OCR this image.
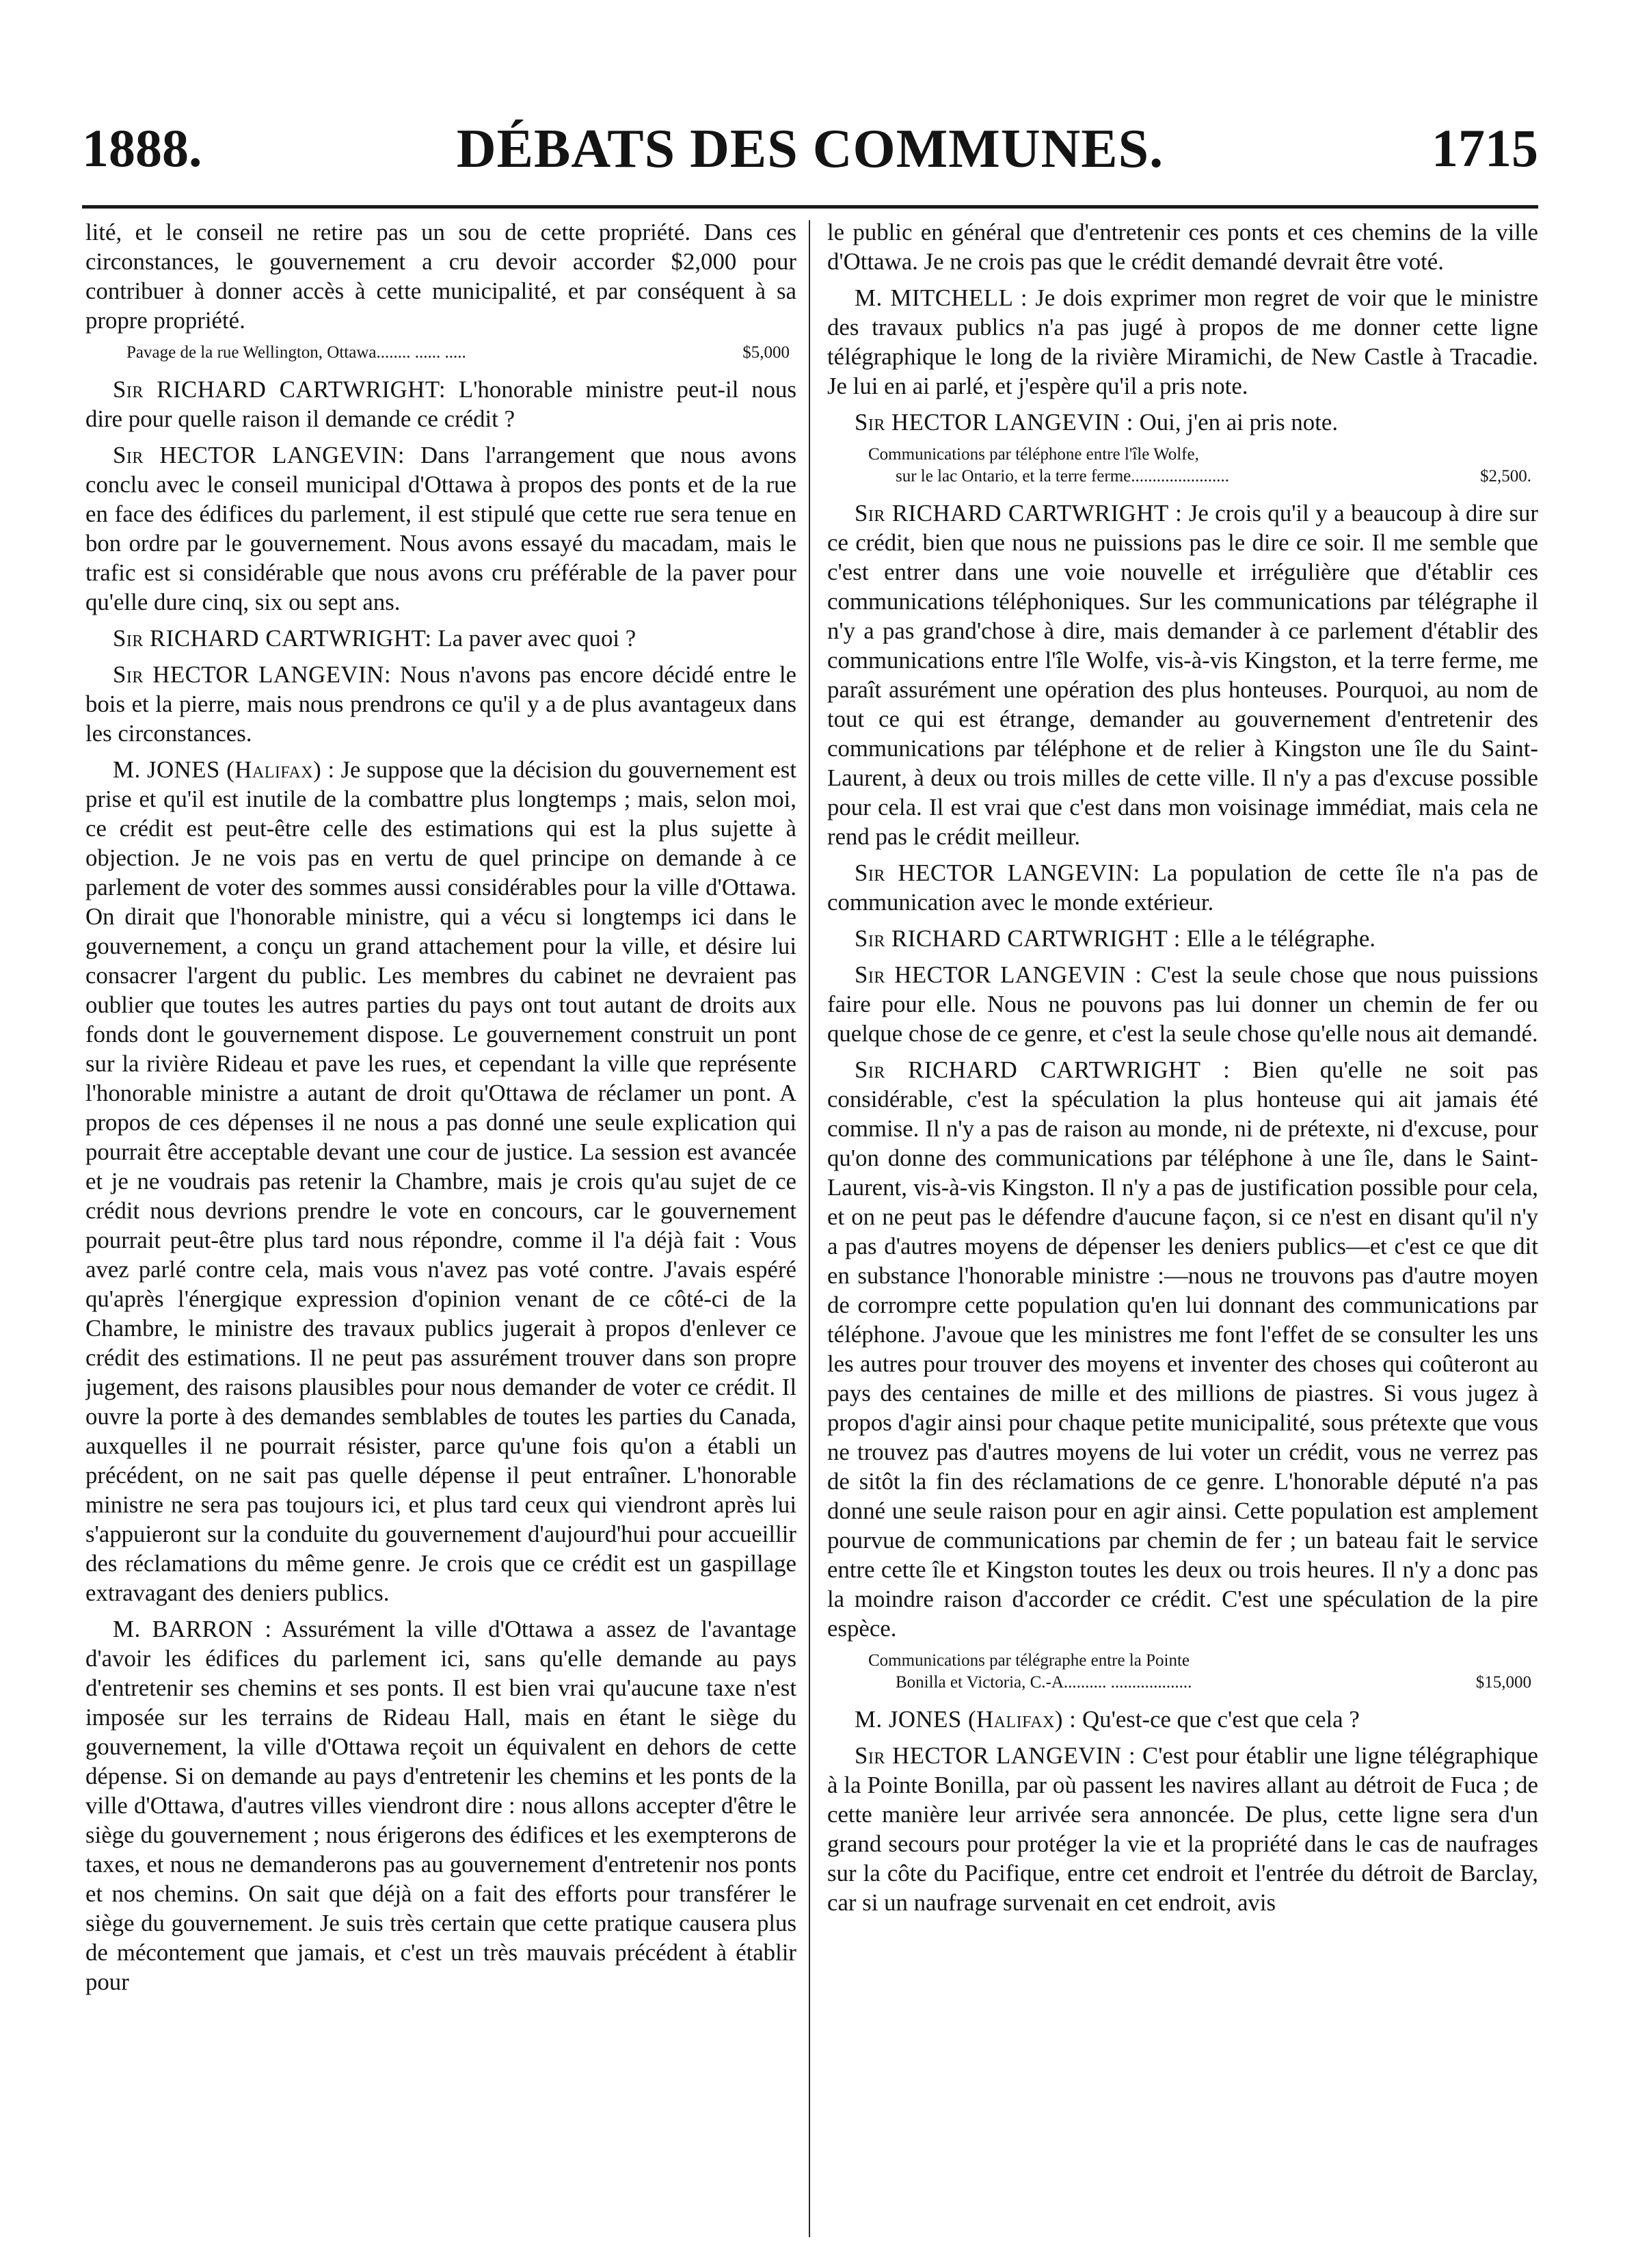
DÉBATS DES COMMUNES.
1888.	1715

lité, et le conseil ne retire pas un sou de cette propriété. Dans ces circonstances, le gouvernement a cru devoir accorder $2,000 pour contribuer à donner accès à cette municipalité, et par conséquent à sa propre propriété.

Pavage de la rue Wellington, Ottawa........ ...... .....	$5,000

Sir RICHARD CARTWRIGHT: L'honorable ministre peut-il nous dire pour quelle raison il demande ce crédit ?

Sir HECTOR LANGEVIN: Dans l'arrangement que nous avons conclu avec le conseil municipal d'Ottawa à propos des ponts et de la rue en face des édifices du parlement, il est stipulé que cette rue sera tenue en bon ordre par le gouvernement. Nous avons essayé du macadam, mais le trafic est si considérable que nous avons cru préférable de la paver pour qu'elle dure cinq, six ou sept ans.

Sir RICHARD CARTWRIGHT: La paver avec quoi ?

Sir HECTOR LANGEVIN: Nous n'avons pas encore décidé entre le bois et la pierre, mais nous prendrons ce qu'il y a de plus avantageux dans les circonstances.

M. JONES (Halifax) : Je suppose que la décision du gouvernement est prise et qu'il est inutile de la combattre plus longtemps ; mais, selon moi, ce crédit est peut-être celle des estimations qui est la plus sujette à objection. Je ne vois pas en vertu de quel principe on demande à ce parlement de voter des sommes aussi considérables pour la ville d'Ottawa. On dirait que l'honorable ministre, qui a vécu si longtemps ici dans le gouvernement, a conçu un grand attachement pour la ville, et désire lui consacrer l'argent du public. Les membres du cabinet ne devraient pas oublier que toutes les autres parties du pays ont tout autant de droits aux fonds dont le gouvernement dispose. Le gouvernement construit un pont sur la rivière Rideau et pave les rues, et cependant la ville que représente l'honorable ministre a autant de droit qu'Ottawa de réclamer un pont. A propos de ces dépenses il ne nous a pas donné une seule explication qui pourrait être acceptable devant une cour de justice. La session est avancée et je ne voudrais pas retenir la Chambre, mais je crois qu'au sujet de ce crédit nous devrions prendre le vote en concours, car le gouvernement pourrait peut-être plus tard nous répondre, comme il l'a déjà fait : Vous avez parlé contre cela, mais vous n'avez pas voté contre. J'avais espéré qu'après l'énergique expression d'opinion venant de ce côté-ci de la Chambre, le ministre des travaux publics jugerait à propos d'enlever ce crédit des estimations. Il ne peut pas assurément trouver dans son propre jugement, des raisons plausibles pour nous demander de voter ce crédit. Il ouvre la porte à des demandes semblables de toutes les parties du Canada, auxquelles il ne pourrait résister, parce qu'une fois qu'on a établi un précédent, on ne sait pas quelle dépense il peut entraîner. L'honorable ministre ne sera pas toujours ici, et plus tard ceux qui viendront après lui s'appuieront sur la conduite du gouvernement d'aujourd'hui pour accueillir des réclamations du même genre. Je crois que ce crédit est un gaspillage extravagant des deniers publics.

M. BARRON : Assurément la ville d'Ottawa a assez de l'avantage d'avoir les édifices du parlement ici, sans qu'elle demande au pays d'entretenir ses chemins et ses ponts. Il est bien vrai qu'aucune taxe n'est imposée sur les terrains de Rideau Hall, mais en étant le siège du gouvernement, la ville d'Ottawa reçoit un équivalent en dehors de cette dépense. Si on demande au pays d'entretenir les chemins et les ponts de la ville d'Ottawa, d'autres villes viendront dire : nous allons accepter d'être le siège du gouvernement ; nous érigerons des édifices et les exempterons de taxes, et nous ne demanderons pas au gouvernement d'entretenir nos ponts et nos chemins. On sait que déjà on a fait des efforts pour transférer le siège du gouvernement. Je suis très certain que cette pratique causera plus de mécontement que jamais, et c'est un très mauvais précédent à établir pour

le public en général que d'entretenir ces ponts et ces chemins de la ville d'Ottawa. Je ne crois pas que le crédit demandé devrait être voté.

M. MITCHELL : Je dois exprimer mon regret de voir que le ministre des travaux publics n'a pas jugé à propos de me donner cette ligne télégraphique le long de la rivière Miramichi, de New Castle à Tracadie. Je lui en ai parlé, et j'espère qu'il a pris note.

Sir HECTOR LANGEVIN : Oui, j'en ai pris note.

Communications par téléphone entre l'île Wolfe,
sur le lac Ontario, et la terre ferme.......................	$2,500.

Sir RICHARD CARTWRIGHT : Je crois qu'il y a beaucoup à dire sur ce crédit, bien que nous ne puissions pas le dire ce soir. Il me semble que c'est entrer dans une voie nouvelle et irrégulière que d'établir ces communications téléphoniques. Sur les communications par télégraphe il n'y a pas grand'chose à dire, mais demander à ce parlement d'établir des communications entre l'île Wolfe, vis-à-vis Kingston, et la terre ferme, me paraît assurément une opération des plus honteuses. Pourquoi, au nom de tout ce qui est étrange, demander au gouvernement d'entretenir des communications par téléphone et de relier à Kingston une île du Saint-Laurent, à deux ou trois milles de cette ville. Il n'y a pas d'excuse possible pour cela. Il est vrai que c'est dans mon voisinage immédiat, mais cela ne rend pas le crédit meilleur.

Sir HECTOR LANGEVIN: La population de cette île n'a pas de communication avec le monde extérieur.

Sir RICHARD CARTWRIGHT : Elle a le télégraphe.

Sir HECTOR LANGEVIN : C'est la seule chose que nous puissions faire pour elle. Nous ne pouvons pas lui donner un chemin de fer ou quelque chose de ce genre, et c'est la seule chose qu'elle nous ait demandé.

Sir RICHARD CARTWRIGHT : Bien qu'elle ne soit pas considérable, c'est la spéculation la plus honteuse qui ait jamais été commise. Il n'y a pas de raison au monde, ni de prétexte, ni d'excuse, pour qu'on donne des communications par téléphone à une île, dans le Saint-Laurent, vis-à-vis Kingston. Il n'y a pas de justification possible pour cela, et on ne peut pas le défendre d'aucune façon, si ce n'est en disant qu'il n'y a pas d'autres moyens de dépenser les deniers publics—et c'est ce que dit en substance l'honorable ministre :—nous ne trouvons pas d'autre moyen de corrompre cette population qu'en lui donnant des communications par téléphone. J'avoue que les ministres me font l'effet de se consulter les uns les autres pour trouver des moyens et inventer des choses qui coûteront au pays des centaines de mille et des millions de piastres. Si vous jugez à propos d'agir ainsi pour chaque petite municipalité, sous prétexte que vous ne trouvez pas d'autres moyens de lui voter un crédit, vous ne verrez pas de sitôt la fin des réclamations de ce genre. L'honorable député n'a pas donné une seule raison pour en agir ainsi. Cette population est amplement pourvue de communications par chemin de fer ; un bateau fait le service entre cette île et Kingston toutes les deux ou trois heures. Il n'y a donc pas la moindre raison d'accorder ce crédit. C'est une spéculation de la pire espèce.

Communications par télégraphe entre la Pointe
Bonilla et Victoria, C.-A.......... ...................	$15,000

M. JONES (Halifax) : Qu'est-ce que c'est que cela ?

Sir HECTOR LANGEVIN : C'est pour établir une ligne télégraphique à la Pointe Bonilla, par où passent les navires allant au détroit de Fuca ; de cette manière leur arrivée sera annoncée. De plus, cette ligne sera d'un grand secours pour protéger la vie et la propriété dans le cas de naufrages sur la côte du Pacifique, entre cet endroit et l'entrée du détroit de Barclay, car si un naufrage survenait en cet endroit, avis
